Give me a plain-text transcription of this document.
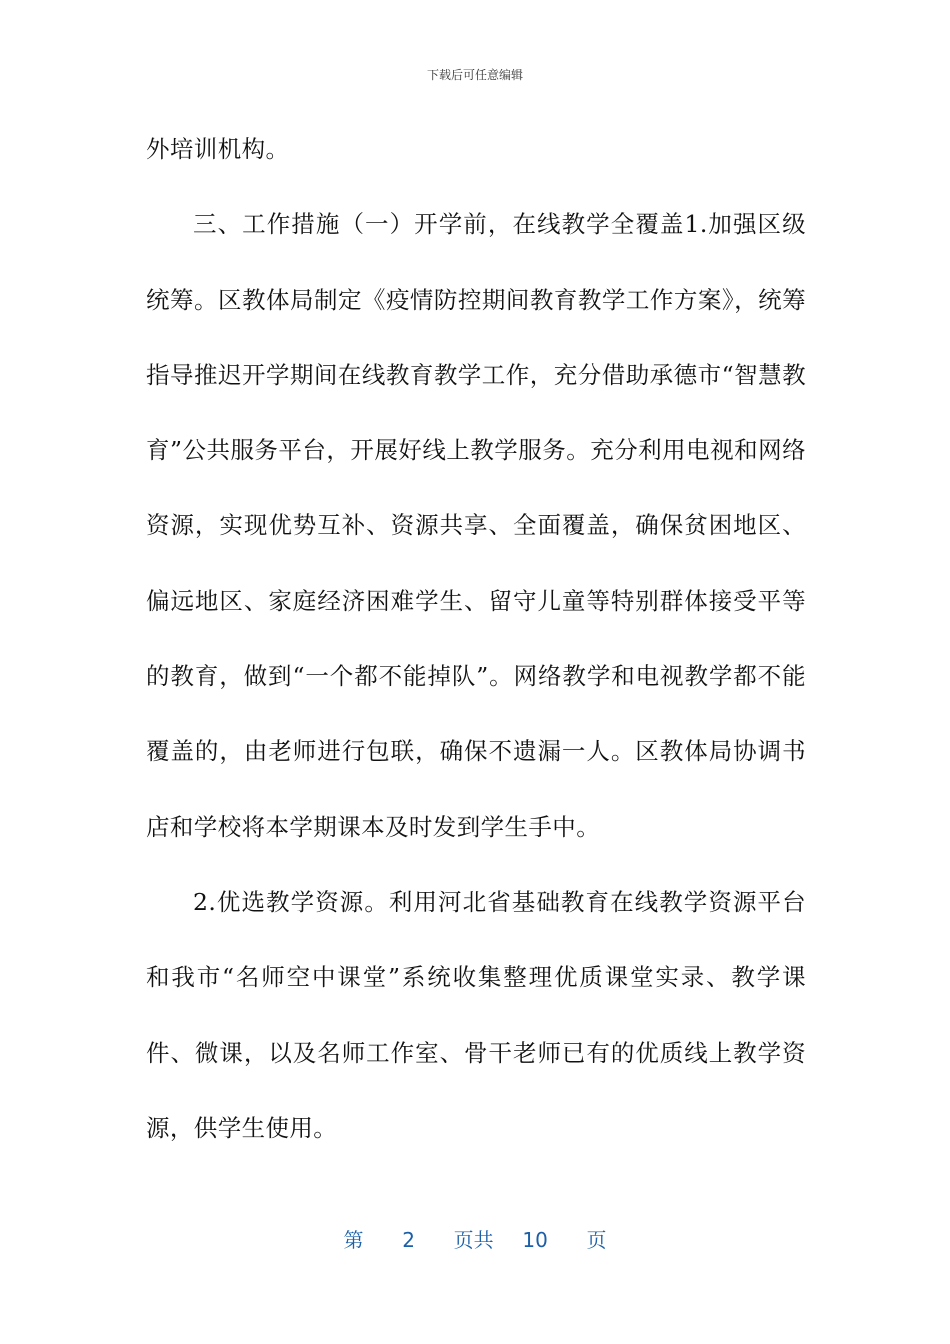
下载后可任意编辑

外培训机构。

三、工作措施（一）开学前，在线教学全覆盖1.加强区级统筹。区教体局制定《疫情防控期间教育教学工作方案》，统筹指导推迟开学期间在线教育教学工作，充分借助承德市“智慧教育”公共服务平台，开展好线上教学服务。充分利用电视和网络资源，实现优势互补、资源共享、全面覆盖，确保贫困地区、偏远地区、家庭经济困难学生、留守儿童等特别群体接受平等的教育，做到“一个都不能掉队”。网络教学和电视教学都不能覆盖的，由老师进行包联，确保不遗漏一人。区教体局协调书店和学校将本学期课本及时发到学生手中。

2.优选教学资源。利用河北省基础教育在线教学资源平台和我市“名师空中课堂”系统收集整理优质课堂实录、教学课件、微课，以及名师工作室、骨干老师已有的优质线上教学资源，供学生使用。

第 2 页共 10 页
